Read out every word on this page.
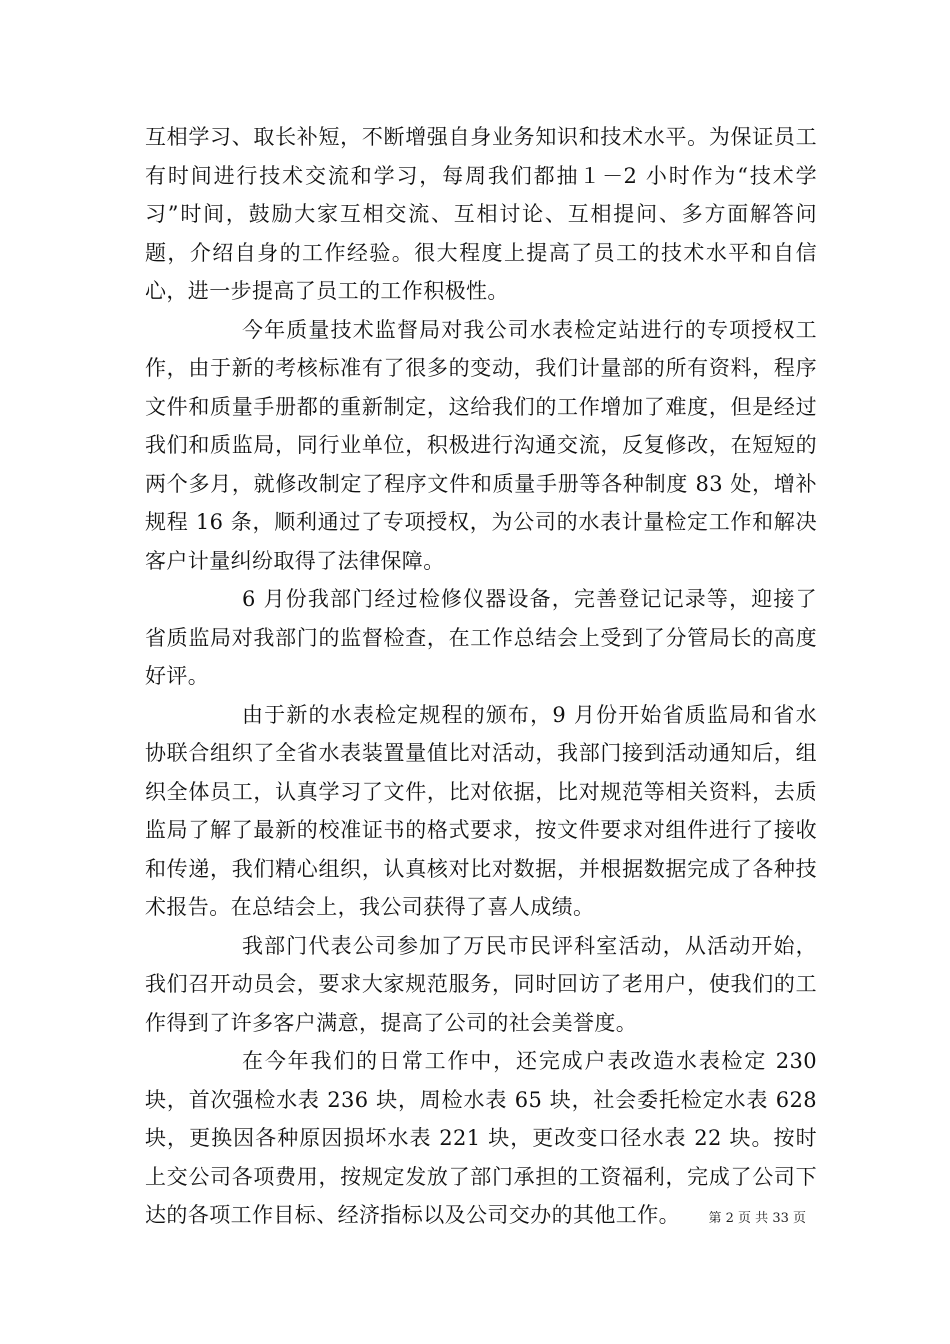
互相学习、取长补短，不断增强自身业务知识和技术水平。为保证员工有时间进行技术交流和学习，每周我们都抽１－2 小时作为“技术学习”时间，鼓励大家互相交流、互相讨论、互相提问、多方面解答问题，介绍自身的工作经验。很大程度上提高了员工的技术水平和自信心，进一步提高了员工的工作积极性。

今年质量技术监督局对我公司水表检定站进行的专项授权工作，由于新的考核标准有了很多的变动，我们计量部的所有资料，程序文件和质量手册都的重新制定，这给我们的工作增加了难度，但是经过我们和质监局，同行业单位，积极进行沟通交流，反复修改，在短短的两个多月，就修改制定了程序文件和质量手册等各种制度 83 处，增补规程 16 条，顺利通过了专项授权，为公司的水表计量检定工作和解决客户计量纠纷取得了法律保障。

6 月份我部门经过检修仪器设备，完善登记记录等，迎接了省质监局对我部门的监督检查，在工作总结会上受到了分管局长的高度好评。

由于新的水表检定规程的颁布，9 月份开始省质监局和省水协联合组织了全省水表装置量值比对活动，我部门接到活动通知后，组织全体员工，认真学习了文件，比对依据，比对规范等相关资料，去质监局了解了最新的校准证书的格式要求，按文件要求对组件进行了接收和传递，我们精心组织，认真核对比对数据，并根据数据完成了各种技术报告。在总结会上，我公司获得了喜人成绩。

我部门代表公司参加了万民市民评科室活动，从活动开始，我们召开动员会，要求大家规范服务，同时回访了老用户，使我们的工作得到了许多客户满意，提高了公司的社会美誉度。

在今年我们的日常工作中，还完成户表改造水表检定 230 块，首次强检水表 236 块，周检水表 65 块，社会委托检定水表 628 块，更换因各种原因损坏水表 221 块，更改变口径水表 22 块。按时上交公司各项费用，按规定发放了部门承担的工资福利，完成了公司下达的各项工作目标、经济指标以及公司交办的其他工作。	第 2 页 共 33 页
